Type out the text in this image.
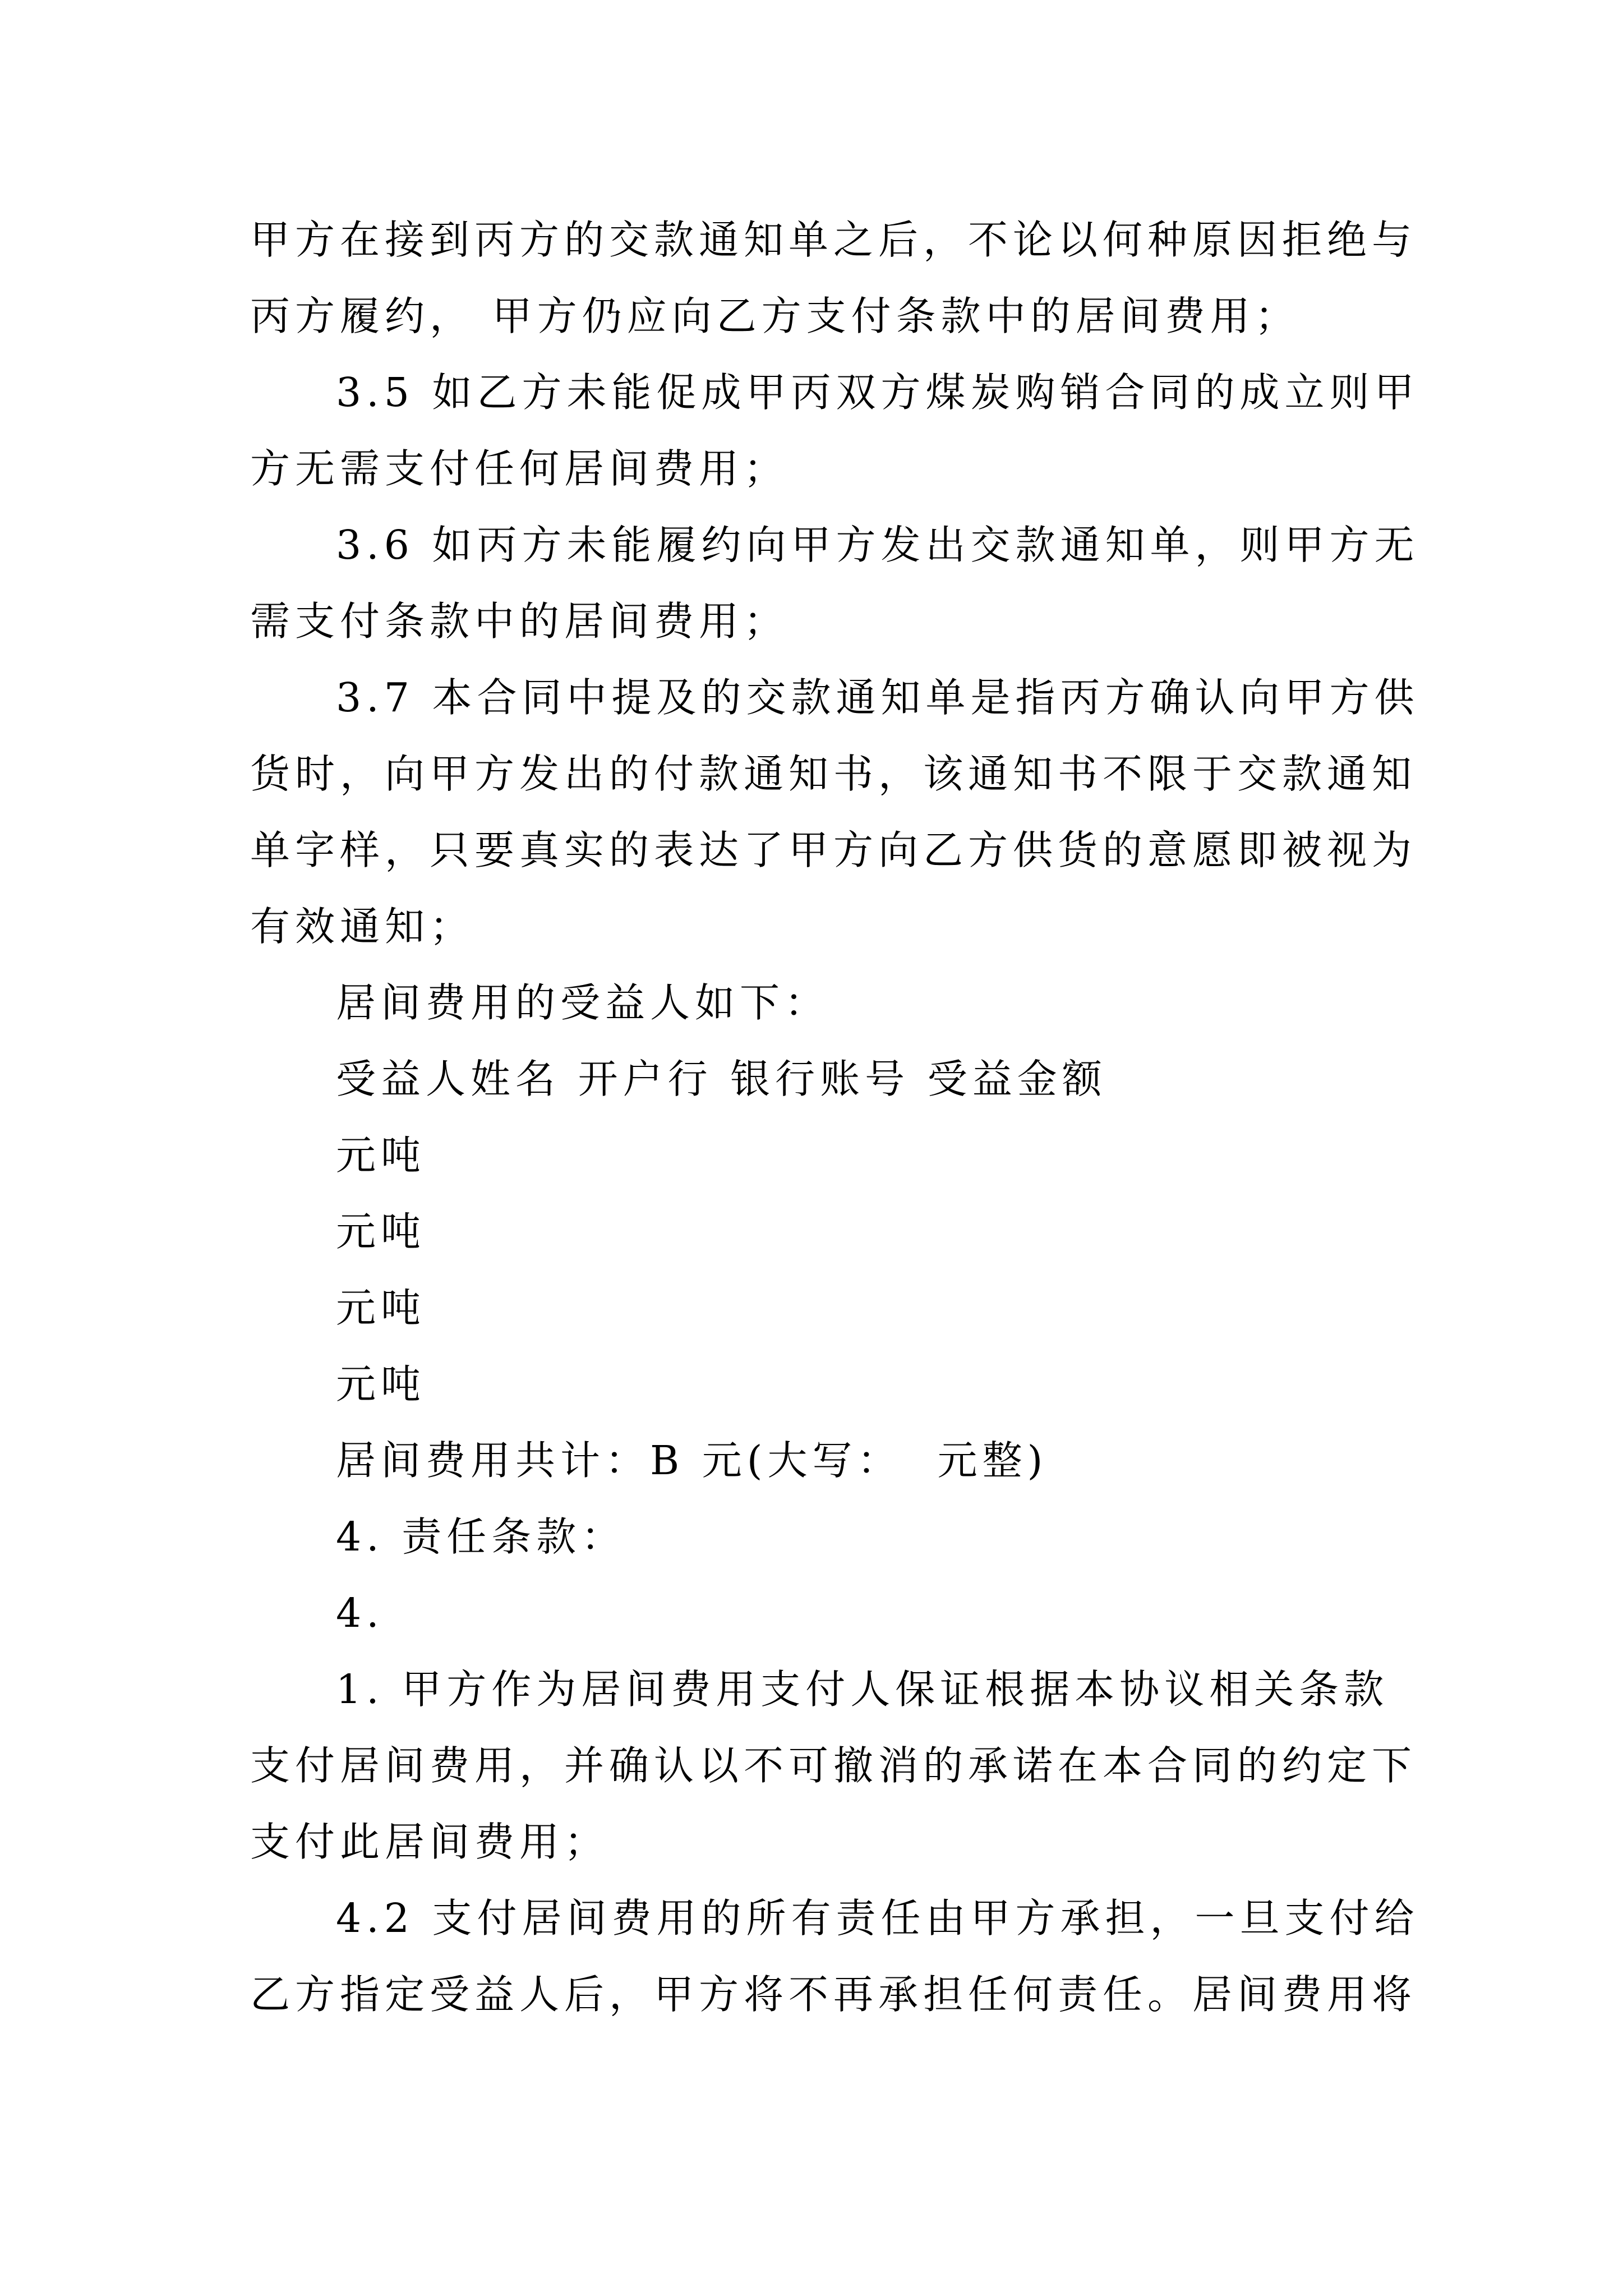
甲方在接到丙方的交款通知单之后，不论以何种原因拒绝与
丙方履约， 甲方仍应向乙方支付条款中的居间费用；
3.5 如乙方未能促成甲丙双方煤炭购销合同的成立则甲
方无需支付任何居间费用；
3.6 如丙方未能履约向甲方发出交款通知单，则甲方无
需支付条款中的居间费用；
3.7 本合同中提及的交款通知单是指丙方确认向甲方供
货时，向甲方发出的付款通知书，该通知书不限于交款通知
单字样，只要真实的表达了甲方向乙方供货的意愿即被视为
有效通知；
居间费用的受益人如下：
受益人姓名 开户行 银行账号 受益金额
元吨
元吨
元吨
元吨
居间费用共计：B 元(大写：  元整)
4. 责任条款：
4.
1. 甲方作为居间费用支付人保证根据本协议相关条款
支付居间费用，并确认以不可撤消的承诺在本合同的约定下
支付此居间费用；
4.2 支付居间费用的所有责任由甲方承担，一旦支付给
乙方指定受益人后，甲方将不再承担任何责任。居间费用将
